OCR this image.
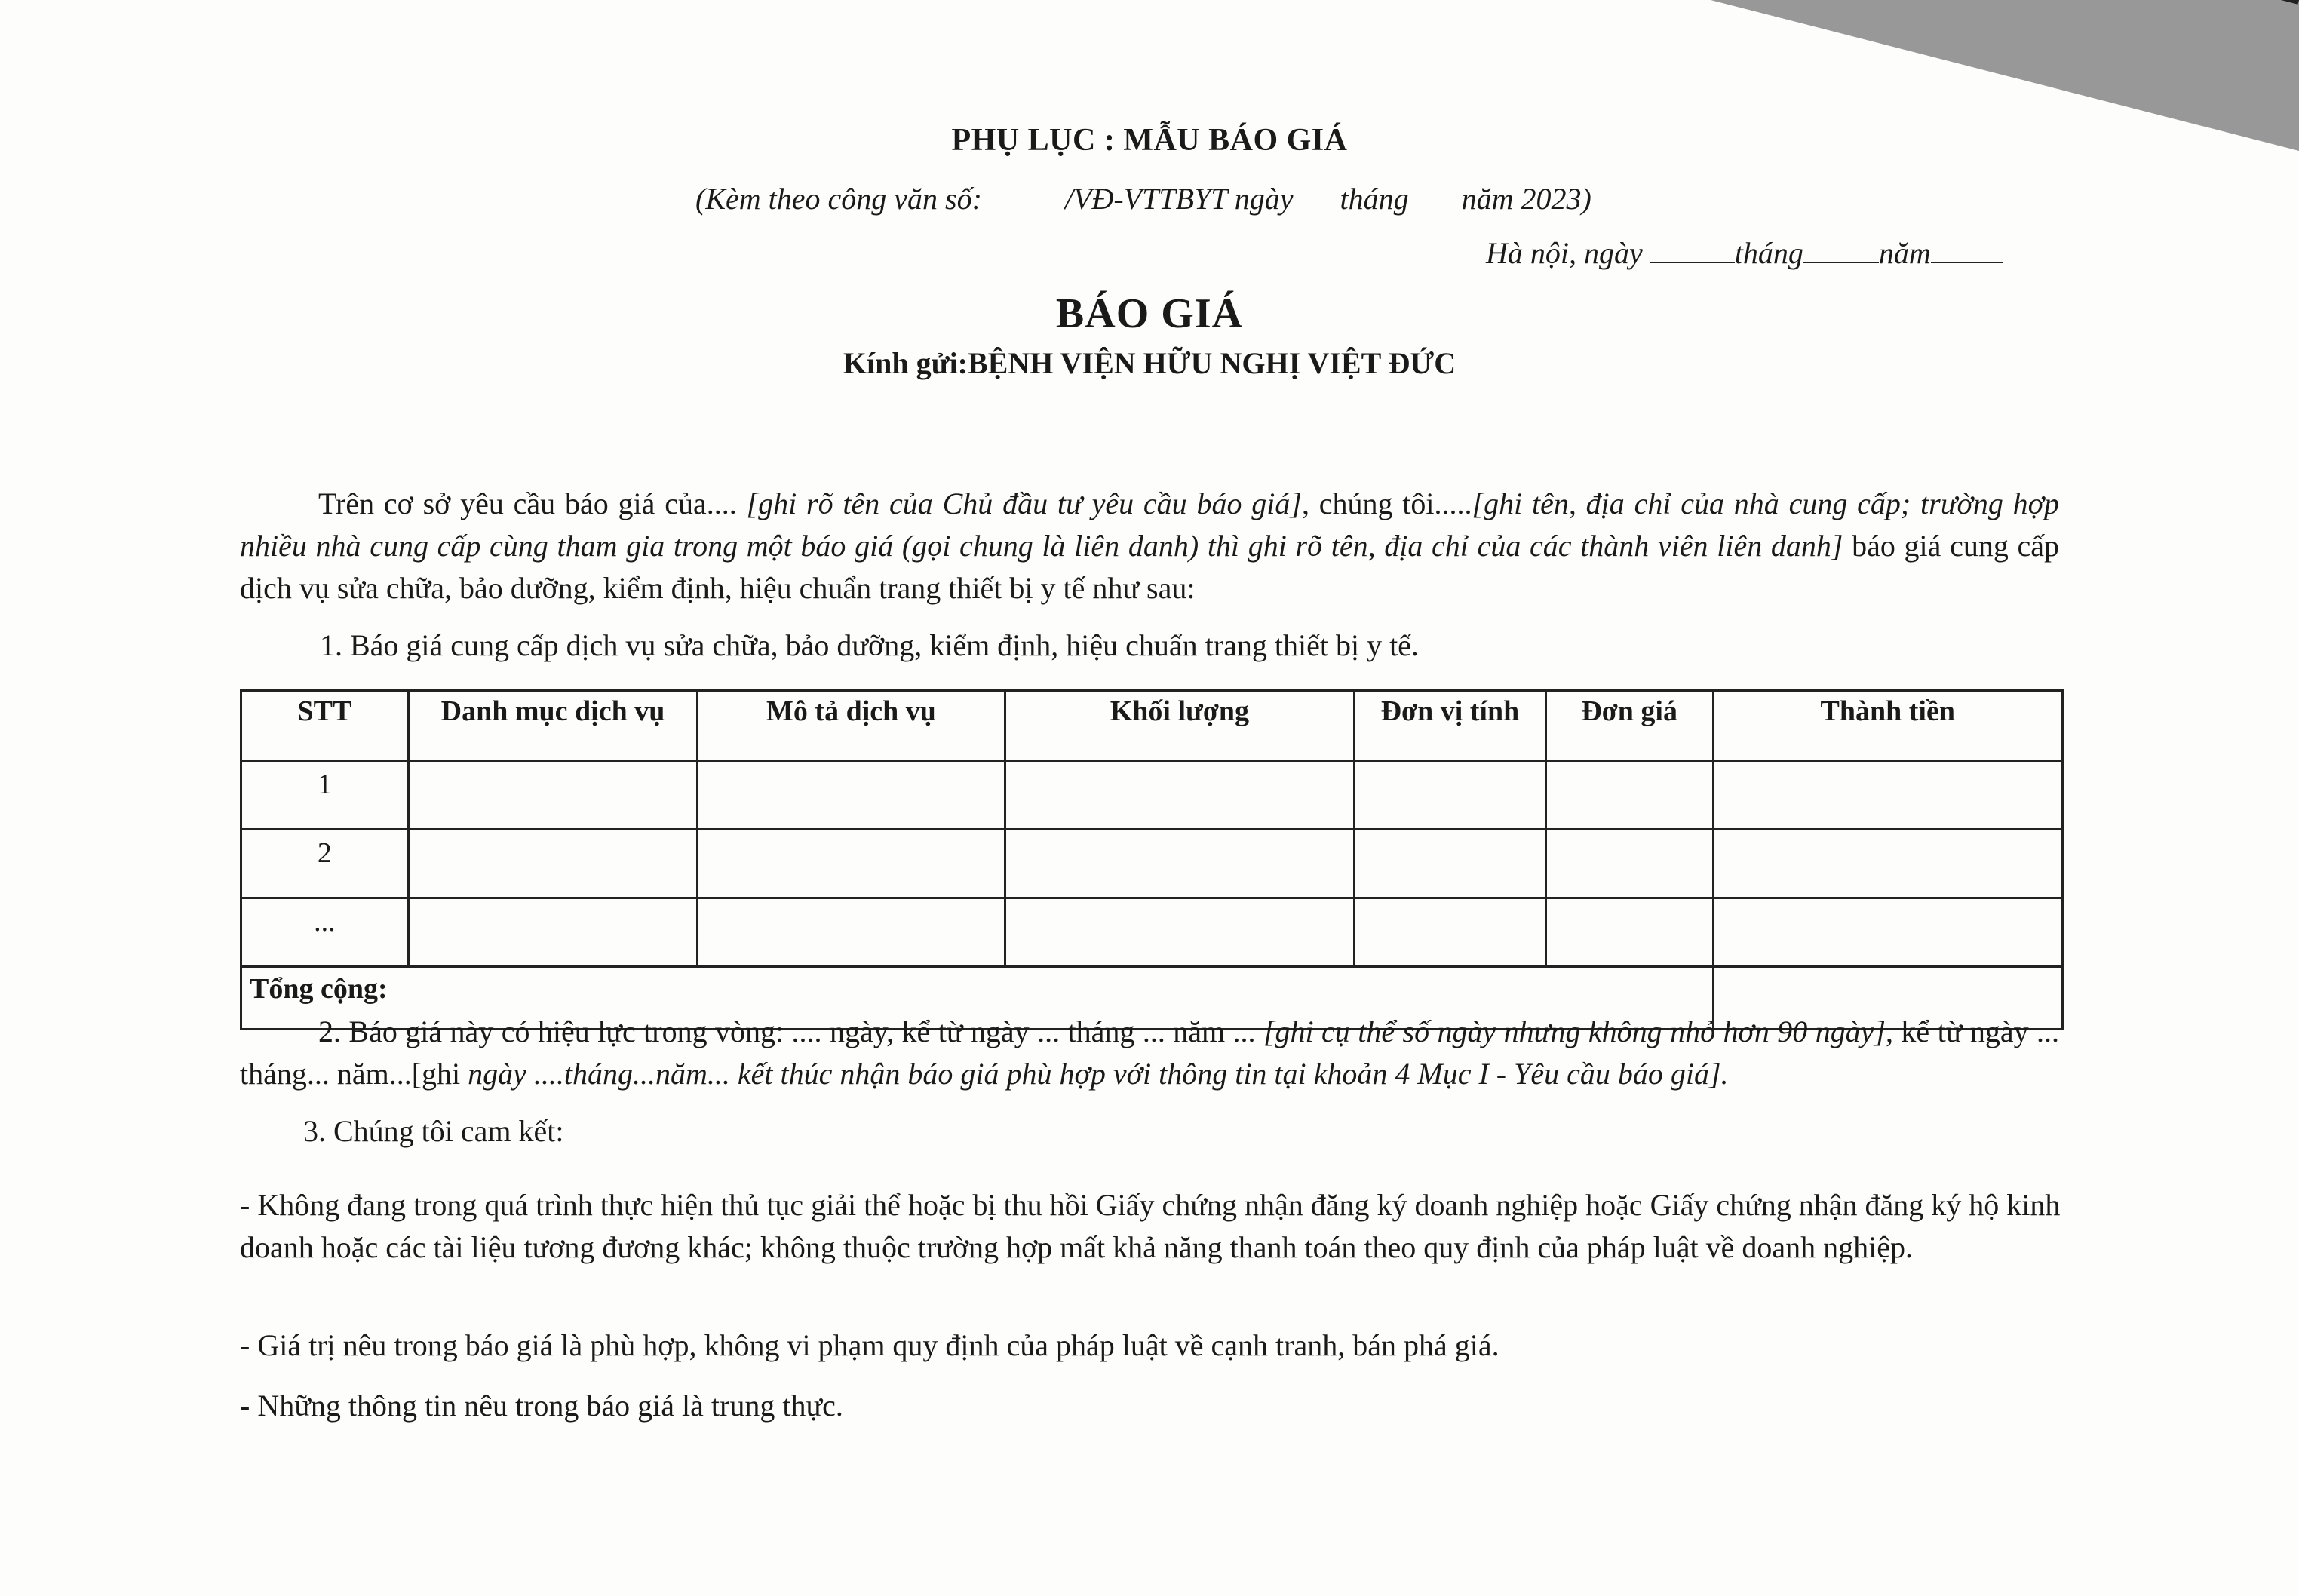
PHỤ LỤC : MẪU BÁO GIÁ
(Kèm theo công văn số:	/VĐ-VTTBYT ngày tháng năm 2023)
Hà nội, ngày	tháng	năm
BÁO GIÁ
Kính gửi:BỆNH VIỆN HỮU NGHỊ VIỆT ĐỨC
Trên cơ sở yêu cầu báo giá của.... [ghi rõ tên của Chủ đầu tư yêu cầu báo giá], chúng tôi.....[ghi tên, địa chỉ của nhà cung cấp; trường hợp nhiều nhà cung cấp cùng tham gia trong một báo giá (gọi chung là liên danh) thì ghi rõ tên, địa chỉ của các thành viên liên danh] báo giá cung cấp dịch vụ sửa chữa, bảo dưỡng, kiểm định, hiệu chuẩn trang thiết bị y tế như sau:
1. Báo giá cung cấp dịch vụ sửa chữa, bảo dưỡng, kiểm định, hiệu chuẩn trang thiết bị y tế.
STT	Danh mục dịch vụ	Mô tả dịch vụ	Khối lượng	Đơn vị tính	Đơn giá	Thành tiền
1						
2						
...						
Tổng cộng:						
2. Báo giá này có hiệu lực trong vòng: .... ngày, kể từ ngày ... tháng ... năm ... [ghi cụ thể số ngày nhưng không nhỏ hơn 90 ngày], kể từ ngày ... tháng... năm...[ghi ngày ....tháng...năm... kết thúc nhận báo giá phù hợp với thông tin tại khoản 4 Mục I - Yêu cầu báo giá].
3. Chúng tôi cam kết:
- Không đang trong quá trình thực hiện thủ tục giải thể hoặc bị thu hồi Giấy chứng nhận đăng ký doanh nghiệp hoặc Giấy chứng nhận đăng ký hộ kinh doanh hoặc các tài liệu tương đương khác; không thuộc trường hợp mất khả năng thanh toán theo quy định của pháp luật về doanh nghiệp.
- Giá trị nêu trong báo giá là phù hợp, không vi phạm quy định của pháp luật về cạnh tranh, bán phá giá.
- Những thông tin nêu trong báo giá là trung thực.
